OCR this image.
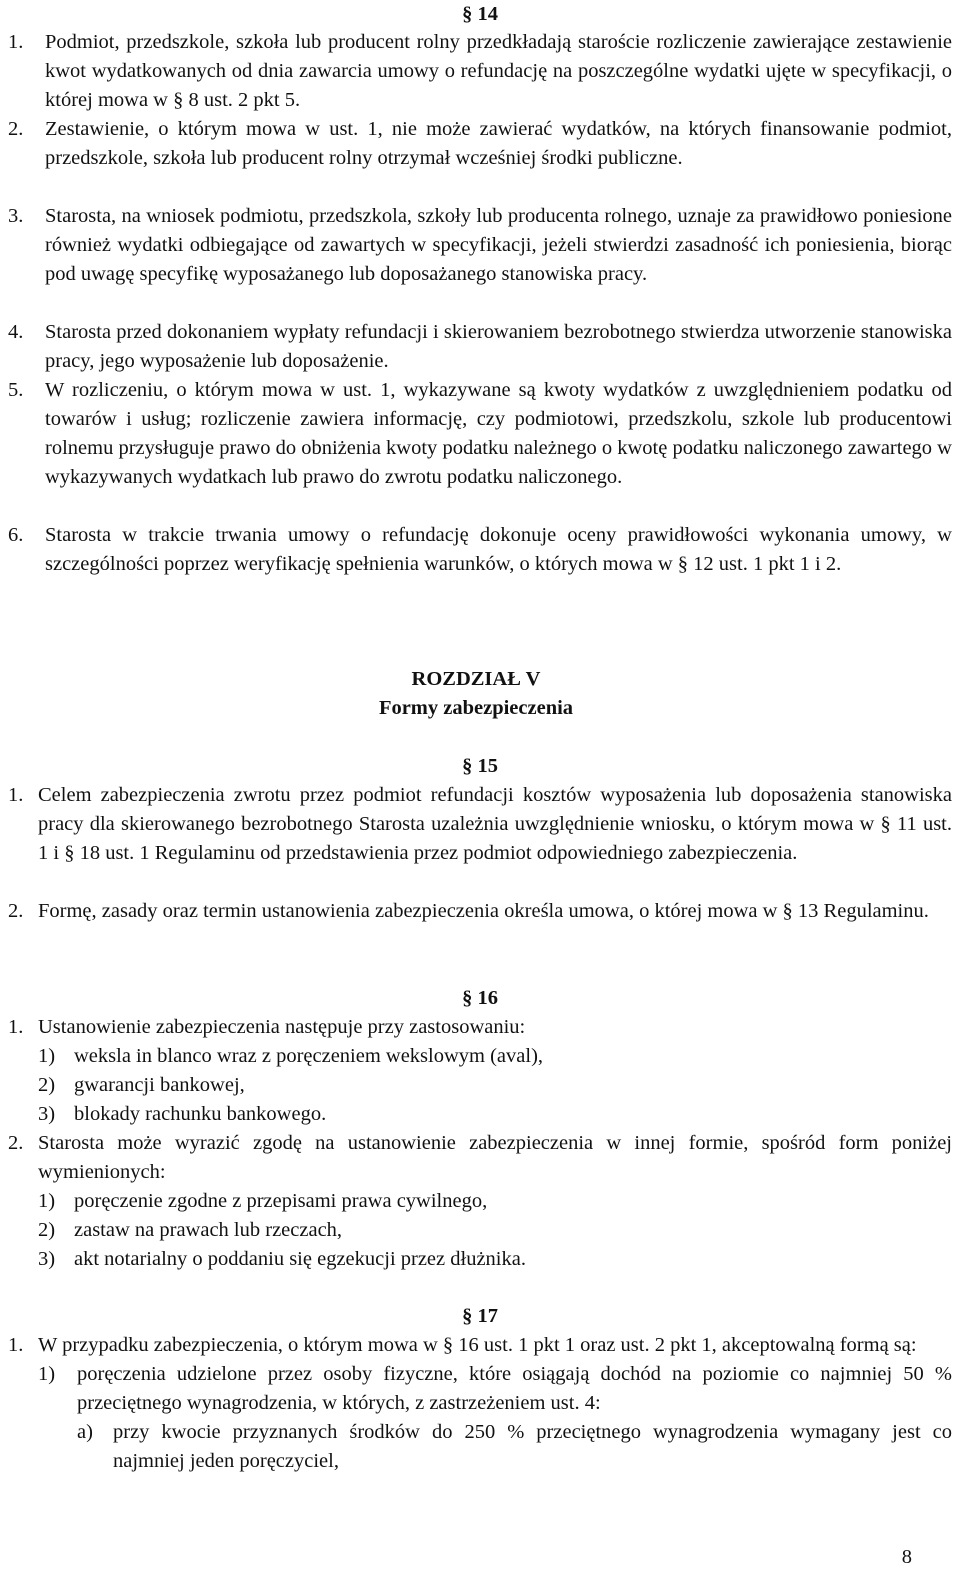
§ 14

1. Podmiot, przedszkole, szkoła lub producent rolny przedkładają staroście rozliczenie zawierające zestawienie kwot wydatkowanych od dnia zawarcia umowy o refundację na poszczególne wydatki ujęte w specyfikacji, o której mowa w § 8 ust. 2 pkt 5.
2. Zestawienie, o którym mowa w ust. 1, nie może zawierać wydatków, na których finansowanie podmiot, przedszkole, szkoła lub producent rolny otrzymał wcześniej środki publiczne.
3. Starosta, na wniosek podmiotu, przedszkola, szkoły lub producenta rolnego, uznaje za prawidłowo poniesione również wydatki odbiegające od zawartych w specyfikacji, jeżeli stwierdzi zasadność ich poniesienia, biorąc pod uwagę specyfikę wyposażanego lub doposażanego stanowiska pracy.
4. Starosta przed dokonaniem wypłaty refundacji i skierowaniem bezrobotnego stwierdza utworzenie stanowiska pracy, jego wyposażenie lub doposażenie.
5. W rozliczeniu, o którym mowa w ust. 1, wykazywane są kwoty wydatków z uwzględnieniem podatku od towarów i usług; rozliczenie zawiera informację, czy podmiotowi, przedszkolu, szkole lub producentowi rolnemu przysługuje prawo do obniżenia kwoty podatku należnego o kwotę podatku naliczonego zawartego w wykazywanych wydatkach lub prawo do zwrotu podatku naliczonego.
6. Starosta w trakcie trwania umowy o refundację dokonuje oceny prawidłowości wykonania umowy, w szczególności poprzez weryfikację spełnienia warunków, o których mowa w § 12 ust. 1 pkt 1 i 2.

ROZDZIAŁ V

Formy zabezpieczenia

§ 15

1. Celem zabezpieczenia zwrotu przez podmiot refundacji kosztów wyposażenia lub doposażenia stanowiska pracy dla skierowanego bezrobotnego Starosta uzależnia uwzględnienie wniosku, o którym mowa w § 11 ust. 1 i § 18 ust. 1 Regulaminu od przedstawienia przez podmiot odpowiedniego zabezpieczenia.
2. Formę, zasady oraz termin ustanowienia zabezpieczenia określa umowa, o której mowa w § 13 Regulaminu.

§ 16

1. Ustanowienie zabezpieczenia następuje przy zastosowaniu:
1) weksla in blanco wraz z poręczeniem wekslowym (aval),
2) gwarancji bankowej,
3) blokady rachunku bankowego.
2. Starosta może wyrazić zgodę na ustanowienie zabezpieczenia w innej formie, spośród form poniżej wymienionych:
1) poręczenie zgodne z przepisami prawa cywilnego,
2) zastaw na prawach lub rzeczach,
3) akt notarialny o poddaniu się egzekucji przez dłużnika.

§ 17

1. W przypadku zabezpieczenia, o którym mowa w § 16 ust. 1 pkt 1 oraz ust. 2 pkt 1, akceptowalną formą są:
1) poręczenia udzielone przez osoby fizyczne, które osiągają dochód na poziomie co najmniej 50 % przeciętnego wynagrodzenia, w których, z zastrzeżeniem ust. 4:
a) przy kwocie przyznanych środków do 250 % przeciętnego wynagrodzenia wymagany jest co najmniej jeden poręczyciel,
8
